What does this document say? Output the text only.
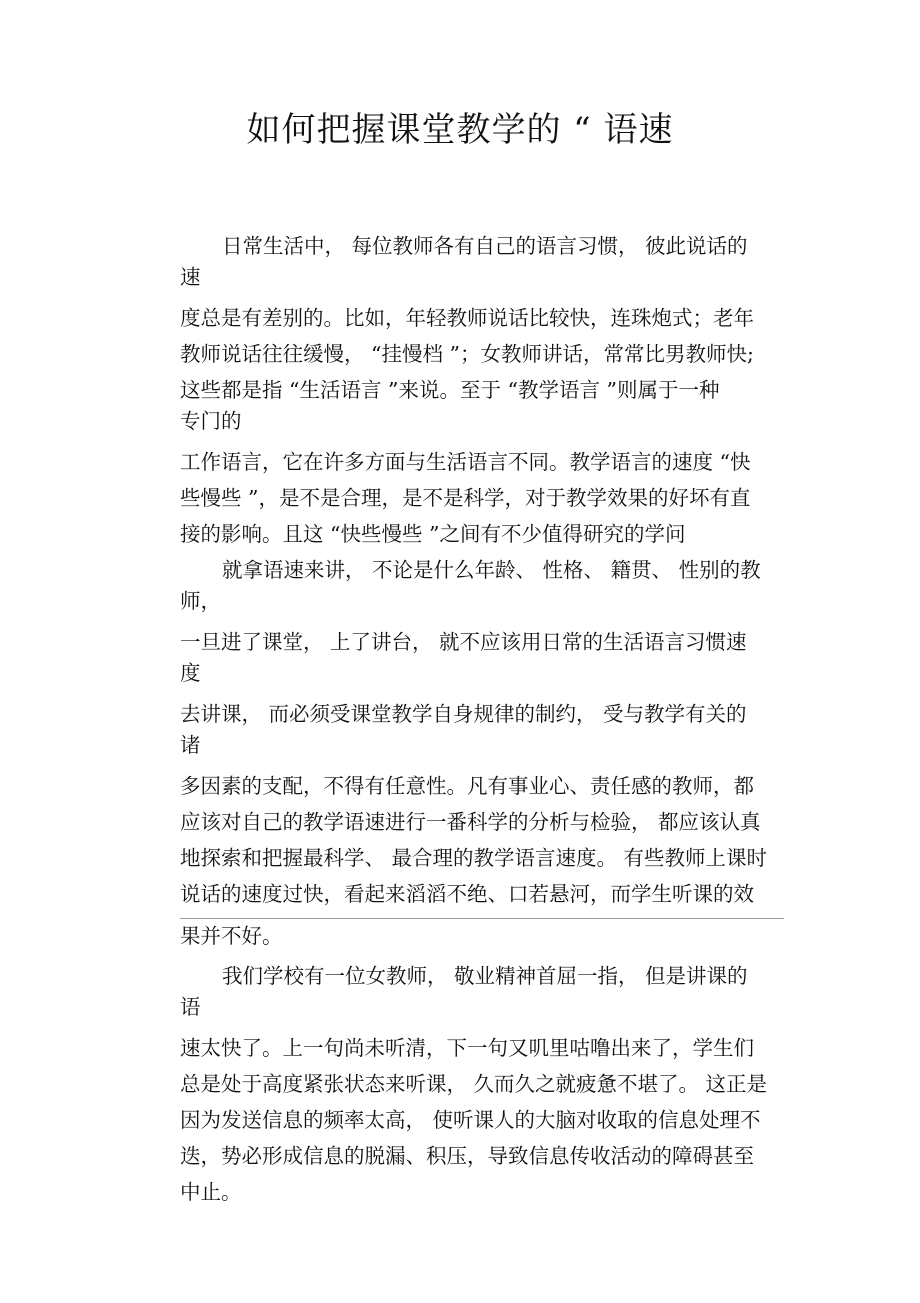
如何把握课堂教学的 “ 语速
日常生活中， 每位教师各有自己的语言习惯， 彼此说话的
速
度总是有差别的。比如，年轻教师说话比较快，连珠炮式；老年
教师说话往往缓慢， “挂慢档 ”；女教师讲话，常常比男教师快;
这些都是指 “生活语言 ”来说。至于 “教学语言 ”则属于一种
专门的
工作语言，它在许多方面与生活语言不同。教学语言的速度 “快
些慢些 ”，是不是合理，是不是科学，对于教学效果的好坏有直
接的影响。且这 “快些慢些 ”之间有不少值得研究的学问
就拿语速来讲， 不论是什么年龄、 性格、 籍贯、 性别的教
师，
一旦进了课堂， 上了讲台， 就不应该用日常的生活语言习惯速
度
去讲课， 而必须受课堂教学自身规律的制约， 受与教学有关的
诸
多因素的支配，不得有任意性。凡有事业心、责任感的教师，都
应该对自己的教学语速进行一番科学的分析与检验， 都应该认真
地探索和把握最科学、 最合理的教学语言速度。 有些教师上课时
说话的速度过快，看起来滔滔不绝、口若悬河，而学生听课的效
果并不好。
我们学校有一位女教师， 敬业精神首屈一指， 但是讲课的
语
速太快了。上一句尚未听清，下一句又叽里咕噜出来了，学生们
总是处于高度紧张状态来听课， 久而久之就疲惫不堪了。 这正是
因为发送信息的频率太高， 使听课人的大脑对收取的信息处理不
迭，势必形成信息的脱漏、积压，导致信息传收活动的障碍甚至
中止。
